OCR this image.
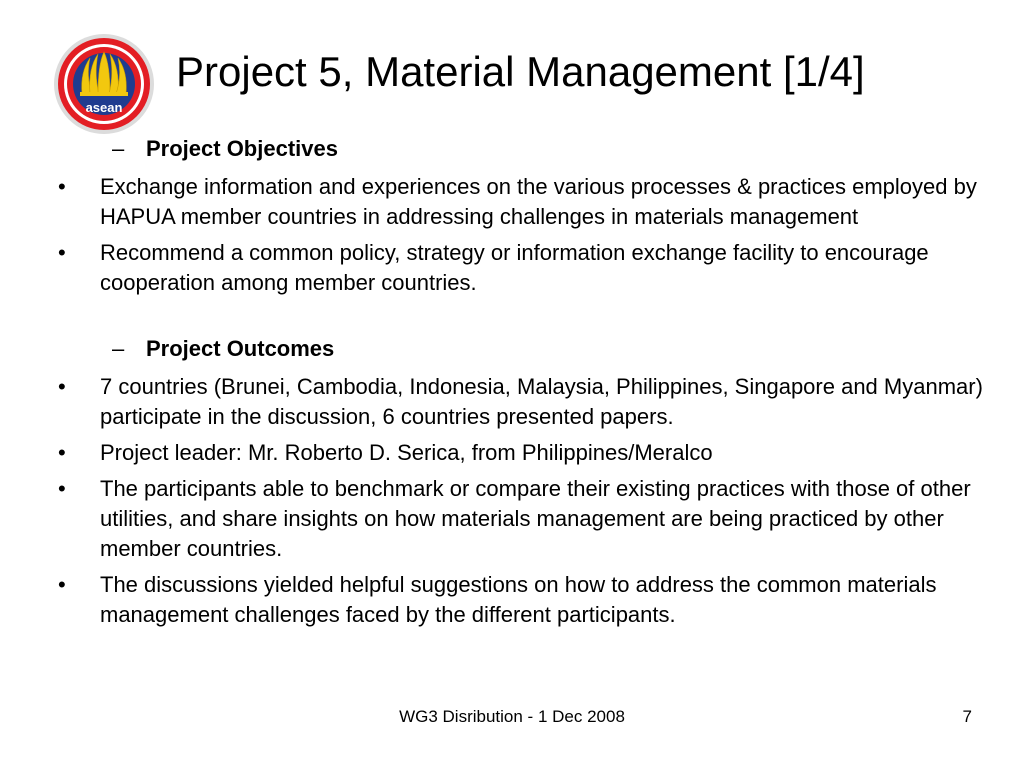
asean
Project 5, Material Management [1/4]
– Project Objectives
• Exchange information and experiences on the various processes & practices employed by HAPUA member countries in addressing challenges in materials management
• Recommend a common policy, strategy or information exchange facility to encourage cooperation among member countries.
– Project Outcomes
• 7 countries (Brunei, Cambodia, Indonesia, Malaysia, Philippines, Singapore and Myanmar) participate in the discussion, 6 countries presented papers.
• Project leader: Mr. Roberto D. Serica, from Philippines/Meralco
• The participants able to benchmark or compare their existing practices with those of other utilities, and share insights on how materials management are being practiced by other member countries.
• The discussions yielded helpful suggestions on how to address the common materials management challenges faced by the different participants.
WG3 Disribution - 1 Dec 2008	7
